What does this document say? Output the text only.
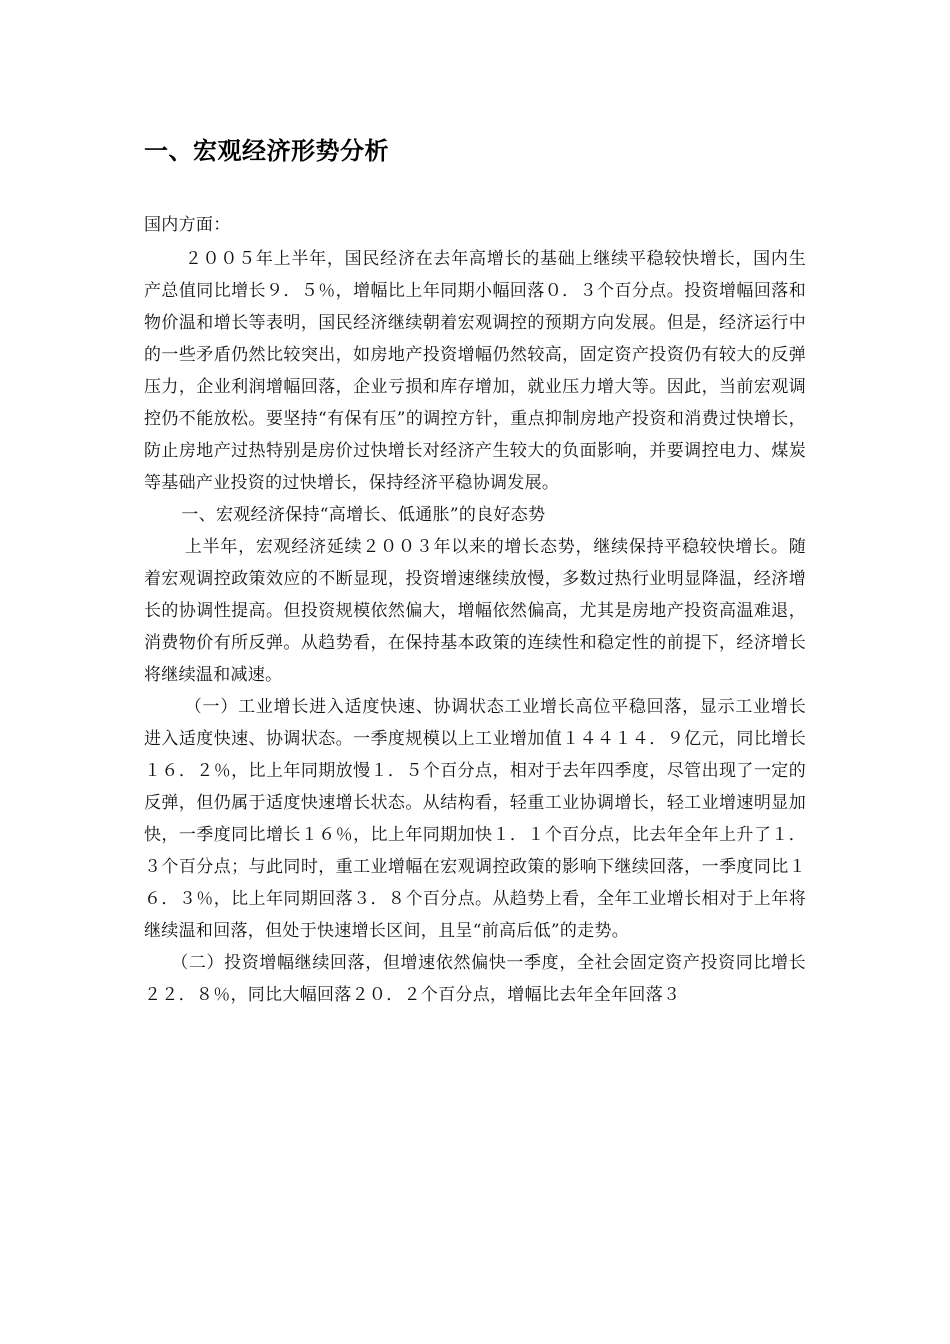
一、宏观经济形势分析

国内方面：

２００５年上半年，国民经济在去年高增长的基础上继续平稳较快增长，国内生产总值同比增长９．５％，增幅比上年同期小幅回落０．３个百分点。投资增幅回落和物价温和增长等表明，国民经济继续朝着宏观调控的预期方向发展。但是，经济运行中的一些矛盾仍然比较突出，如房地产投资增幅仍然较高，固定资产投资仍有较大的反弹压力，企业利润增幅回落，企业亏损和库存增加，就业压力增大等。因此，当前宏观调控仍不能放松。要坚持“有保有压”的调控方针，重点抑制房地产投资和消费过快增长，防止房地产过热特别是房价过快增长对经济产生较大的负面影响，并要调控电力、煤炭等基础产业投资的过快增长，保持经济平稳协调发展。

一、宏观经济保持“高增长、低通胀”的良好态势

上半年，宏观经济延续２００３年以来的增长态势，继续保持平稳较快增长。随着宏观调控政策效应的不断显现，投资增速继续放慢，多数过热行业明显降温，经济增长的协调性提高。但投资规模依然偏大，增幅依然偏高，尤其是房地产投资高温难退，消费物价有所反弹。从趋势看，在保持基本政策的连续性和稳定性的前提下，经济增长将继续温和减速。

（一）工业增长进入适度快速、协调状态工业增长高位平稳回落，显示工业增长进入适度快速、协调状态。一季度规模以上工业增加值１４４１４．９亿元，同比增长１６．２％，比上年同期放慢１．５个百分点，相对于去年四季度，尽管出现了一定的反弹，但仍属于适度快速增长状态。从结构看，轻重工业协调增长，轻工业增速明显加快，一季度同比增长１６％，比上年同期加快１．１个百分点，比去年全年上升了１．３个百分点；与此同时，重工业增幅在宏观调控政策的影响下继续回落，一季度同比１６．３％，比上年同期回落３．８个百分点。从趋势上看，全年工业增长相对于上年将继续温和回落，但处于快速增长区间，且呈“前高后低”的走势。

（二）投资增幅继续回落，但增速依然偏快一季度，全社会固定资产投资同比增长２２．８％，同比大幅回落２０．２个百分点，增幅比去年全年回落３
